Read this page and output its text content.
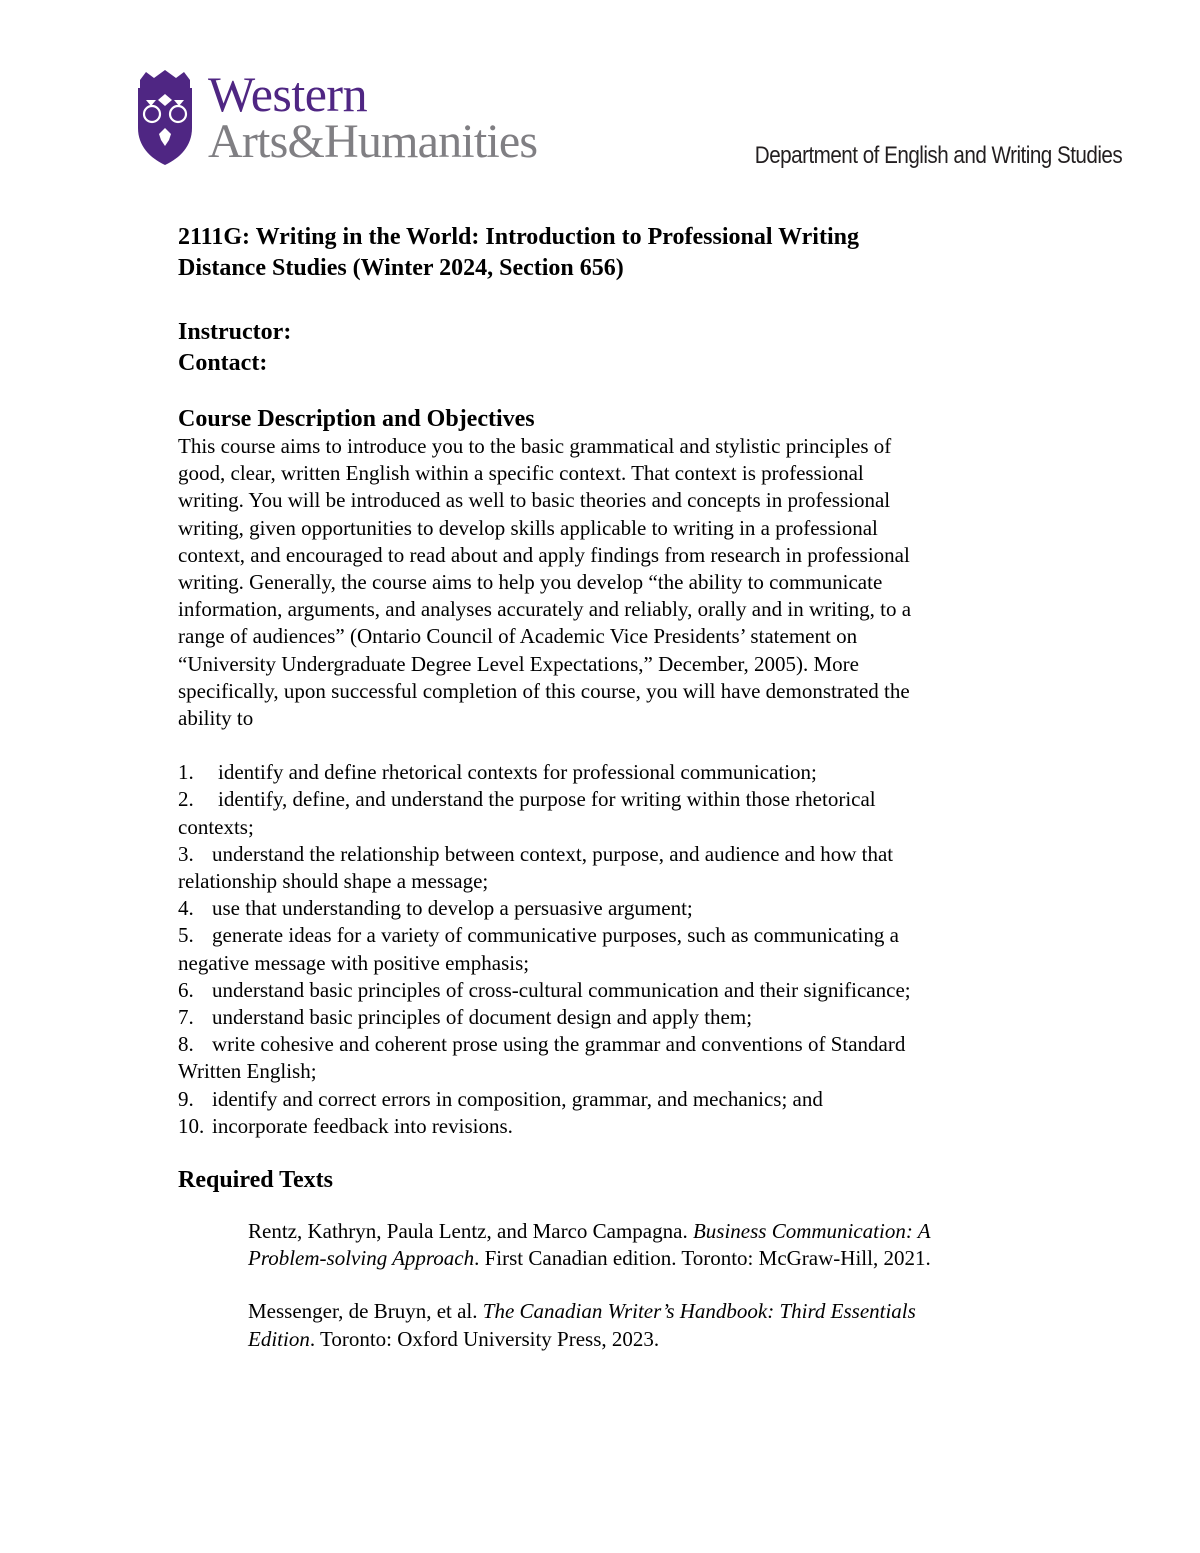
Western
Arts&Humanities	Department of English and Writing Studies

2111G: Writing in the World: Introduction to Professional Writing

Distance Studies (Winter 2024, Section 656)

Instructor:

Contact:

Course Description and Objectives

This course aims to introduce you to the basic grammatical and stylistic principles of

good, clear, written English within a specific context. That context is professional

writing. You will be introduced as well to basic theories and concepts in professional

writing, given opportunities to develop skills applicable to writing in a professional

context, and encouraged to read about and apply findings from research in professional

writing. Generally, the course aims to help you develop “the ability to communicate

information, arguments, and analyses accurately and reliably, orally and in writing, to a

range of audiences” (Ontario Council of Academic Vice Presidents’ statement on

“University Undergraduate Degree Level Expectations,” December, 2005). More

specifically, upon successful completion of this course, you will have demonstrated the

ability to

1. identify and define rhetorical contexts for professional communication;
2. identify, define, and understand the purpose for writing within those rhetorical
contexts;
3. understand the relationship between context, purpose, and audience and how that
relationship should shape a message;
4. use that understanding to develop a persuasive argument;
5. generate ideas for a variety of communicative purposes, such as communicating a
negative message with positive emphasis;
6. understand basic principles of cross-cultural communication and their significance;
7. understand basic principles of document design and apply them;
8. write cohesive and coherent prose using the grammar and conventions of Standard
Written English;
9. identify and correct errors in composition, grammar, and mechanics; and
10. incorporate feedback into revisions.

Required Texts

Rentz, Kathryn, Paula Lentz, and Marco Campagna. Business Communication: A
Problem-solving Approach. First Canadian edition. Toronto: McGraw-Hill, 2021.

Messenger, de Bruyn, et al. The Canadian Writer’s Handbook: Third Essentials
Edition. Toronto: Oxford University Press, 2023.
